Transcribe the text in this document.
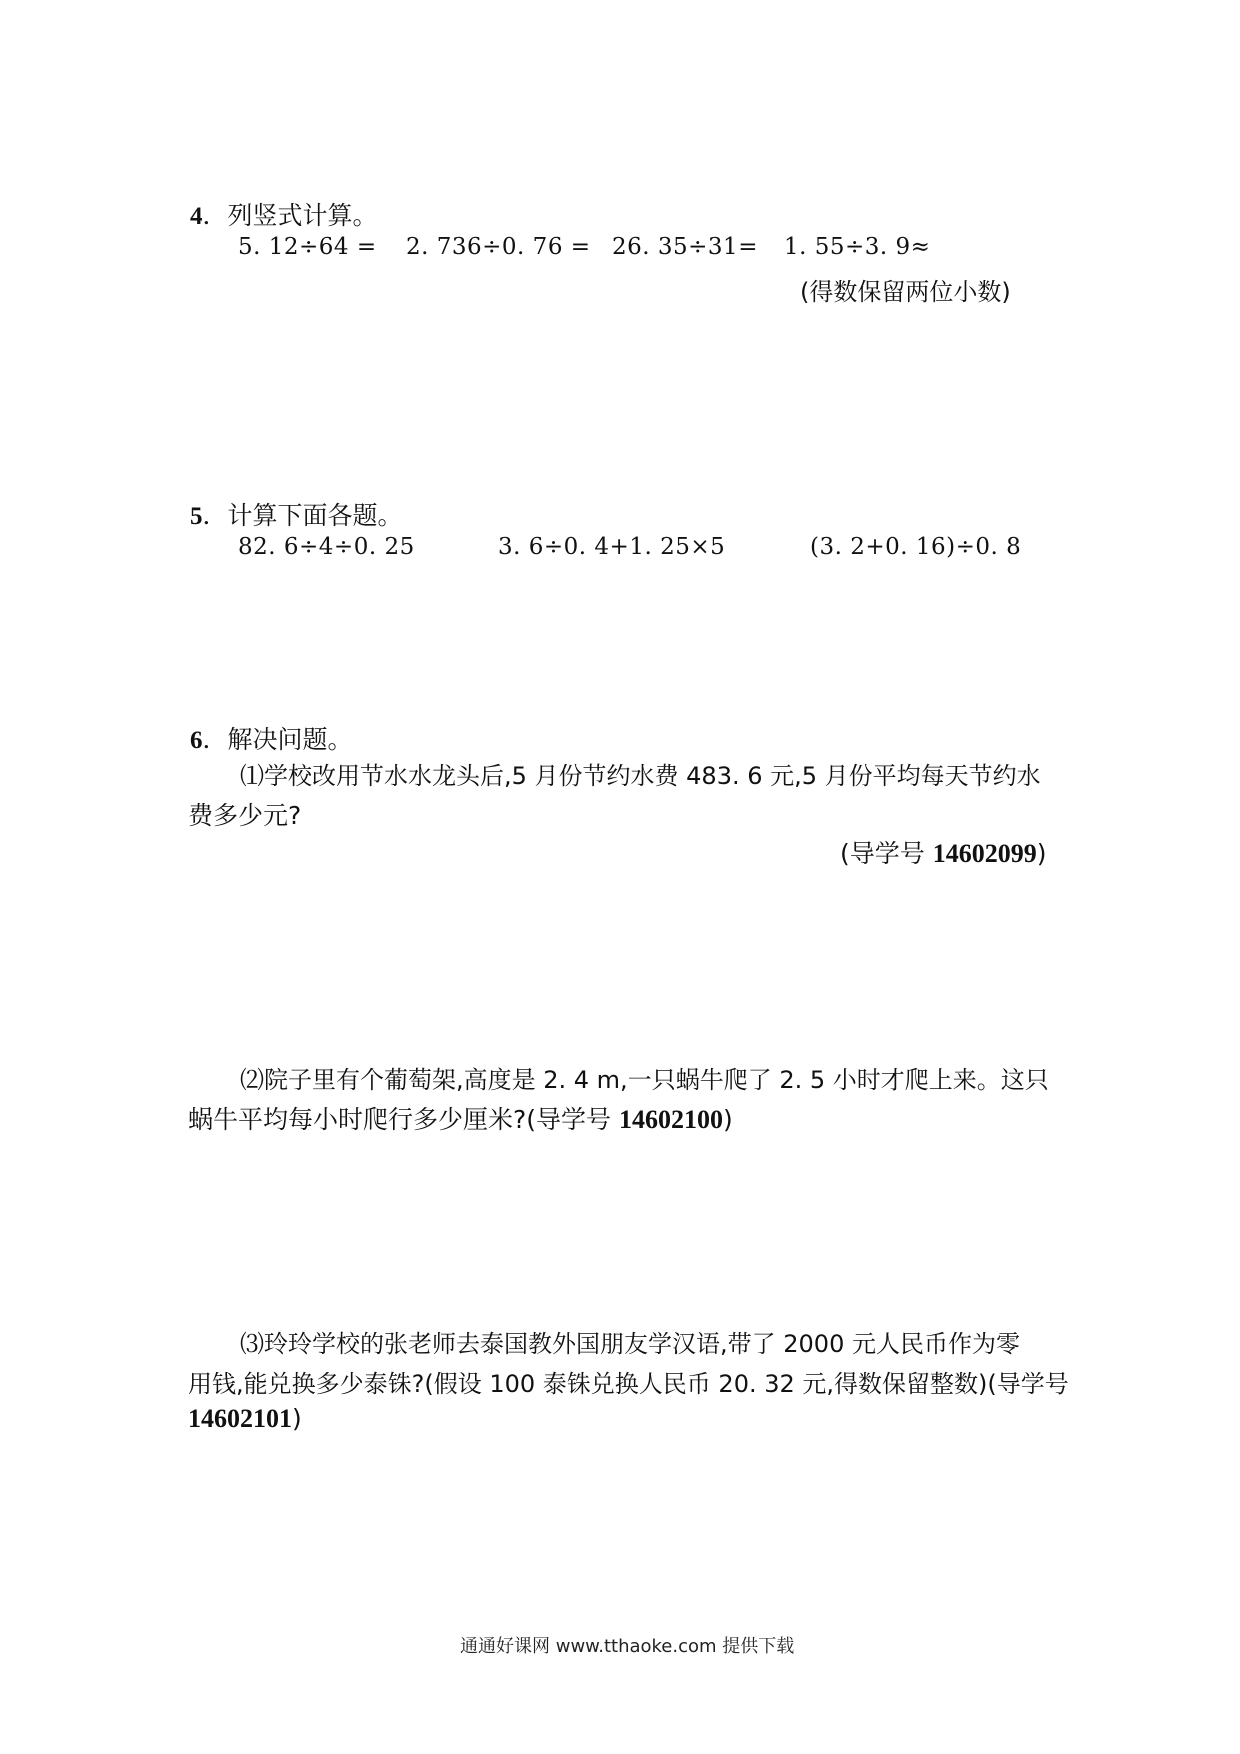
4．列竖式计算。
5. 12÷64 = 2. 736÷0. 76 = 26. 35÷31= 1. 55÷3. 9≈
(得数保留两位小数)
5．计算下面各题。
82. 6÷4÷0. 25	3. 6÷0. 4+1. 25×5	(3. 2+0. 16)÷0. 8
6．解决问题。
⑴学校改用节水水龙头后,5 月份节约水费 483. 6 元,5 月份平均每天节约水
费多少元?
(导学号 14602099)
⑵院子里有个葡萄架,高度是 2. 4 m,一只蜗牛爬了 2. 5 小时才爬上来。这只
蜗牛平均每小时爬行多少厘米?(导学号 14602100)
⑶玲玲学校的张老师去泰国教外国朋友学汉语,带了 2000 元人民币作为零
用钱,能兑换多少泰铢?(假设 100 泰铢兑换人民币 20. 32 元,得数保留整数)(导学号
14602101)
通通好课网 www.tthaoke.com 提供下载
